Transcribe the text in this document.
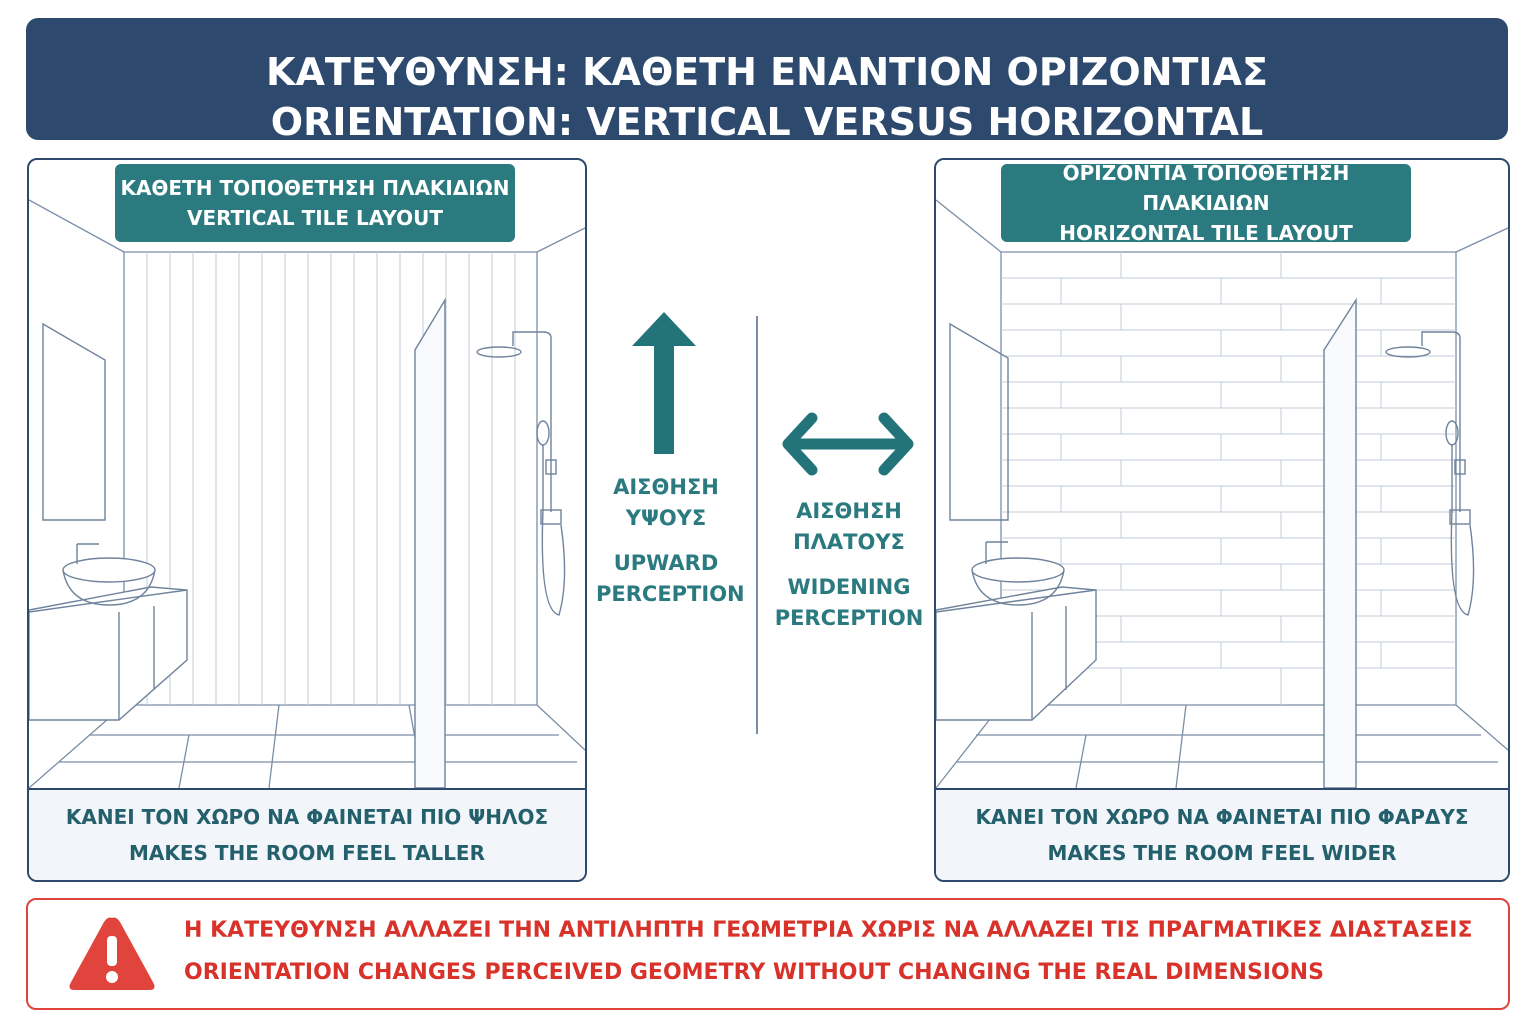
ΚΑΤΕΥΘΥΝΣΗ: ΚΑΘΕΤΗ ΕΝΑΝΤΙΟΝ ΟΡΙΖΟΝΤΙΑΣ
ORIENTATION: VERTICAL VERSUS HORIZONTAL
ΚΑΘΕΤΗ ΤΟΠΟΘΕΤΗΣΗ ΠΛΑΚΙΔΙΩΝ
VERTICAL TILE LAYOUT
ΚΑΝΕΙ ΤΟΝ ΧΩΡΟ ΝΑ ΦΑΙΝΕΤΑΙ ΠΙΟ ΨΗΛΟΣ
MAKES THE ROOM FEEL TALLER
ΑΙΣΘΗΣΗ
ΥΨΟΥΣ
UPWARD
PERCEPTION
ΑΙΣΘΗΣΗ
ΠΛΑΤΟΥΣ
WIDENING
PERCEPTION
ΟΡΙΖΟΝΤΙΑ ΤΟΠΟΘΕΤΗΣΗ ΠΛΑΚΙΔΙΩΝ
HORIZONTAL TILE LAYOUT
ΚΑΝΕΙ ΤΟΝ ΧΩΡΟ ΝΑ ΦΑΙΝΕΤΑΙ ΠΙΟ ΦΑΡΔΥΣ
MAKES THE ROOM FEEL WIDER
Η ΚΑΤΕΥΘΥΝΣΗ ΑΛΛΑΖΕΙ ΤΗΝ ΑΝΤΙΛΗΠΤΗ ΓΕΩΜΕΤΡΙΑ ΧΩΡΙΣ ΝΑ ΑΛΛΑΖΕΙ ΤΙΣ ΠΡΑΓΜΑΤΙΚΕΣ ΔΙΑΣΤΑΣΕΙΣ
ORIENTATION CHANGES PERCEIVED GEOMETRY WITHOUT CHANGING THE REAL DIMENSIONS
